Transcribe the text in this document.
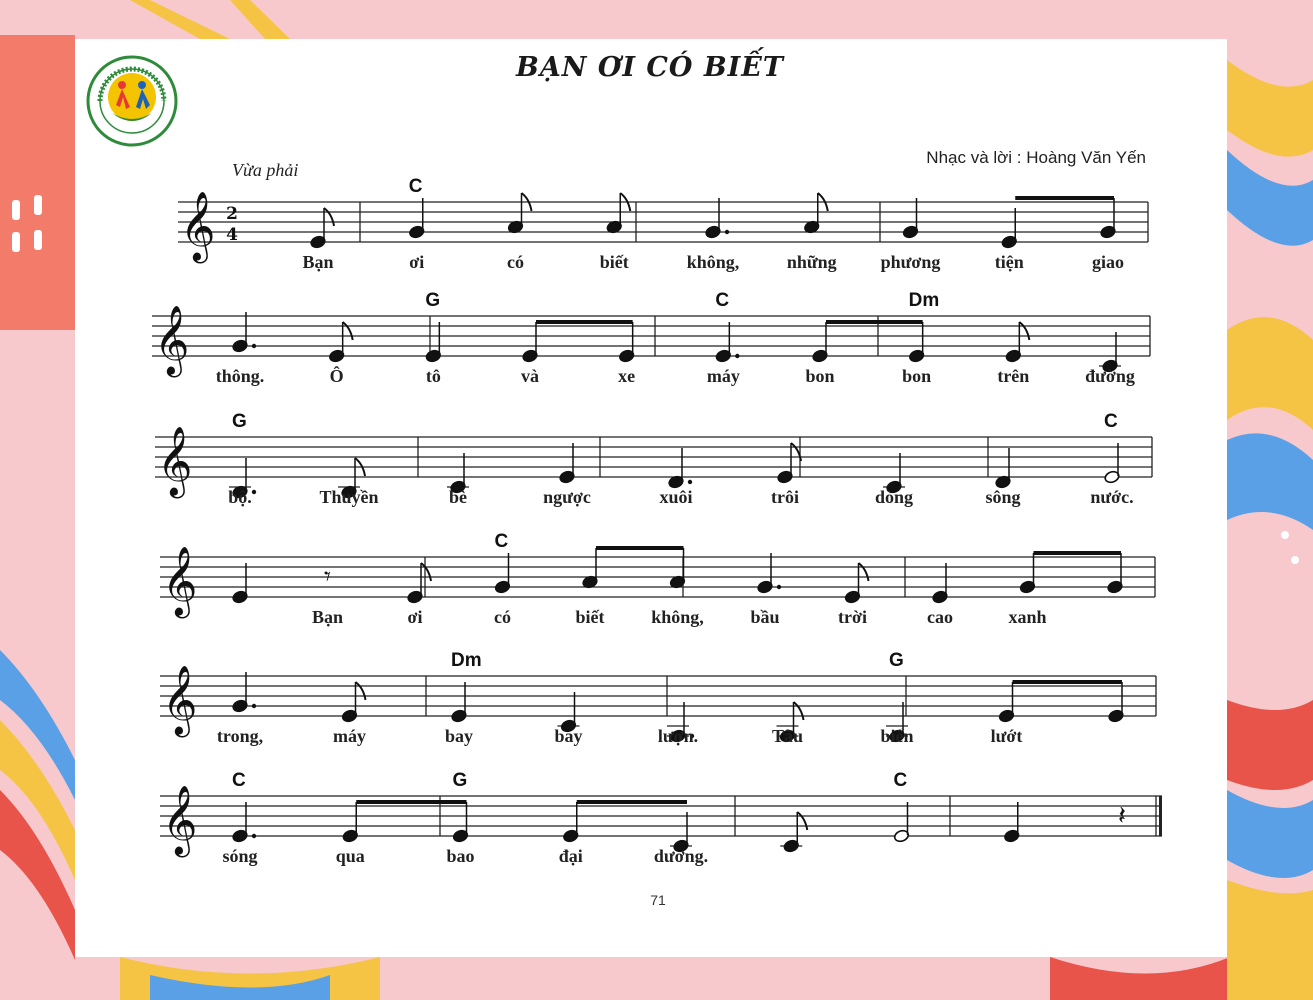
BẠN ƠI CÓ BIẾT
Nhạc và lời : Hoàng Văn Yến
Vừa phải
71
𝄞 2
4
C
Bạn	ơi	có	biết	không,	những phương	tiện	giao
𝄞
G	C	Dm
thông.	Ô	tô	và	xe	máy	bon	bon	trên	đường
𝄞
G	C
bộ.	Thuyền	bè	ngược	xuôi	trôi	dòng	sông	nước.
𝄞	𝄾
C
Bạn	ơi	có	biết	không,	bầu	trời	cao	xanh
𝄞
Dm	G
trong,	máy	bay	bay	lượn.	Tàu	biển	lướt
𝄞	𝄽
C	G	C
sóng	qua	bao	đại	dương.
